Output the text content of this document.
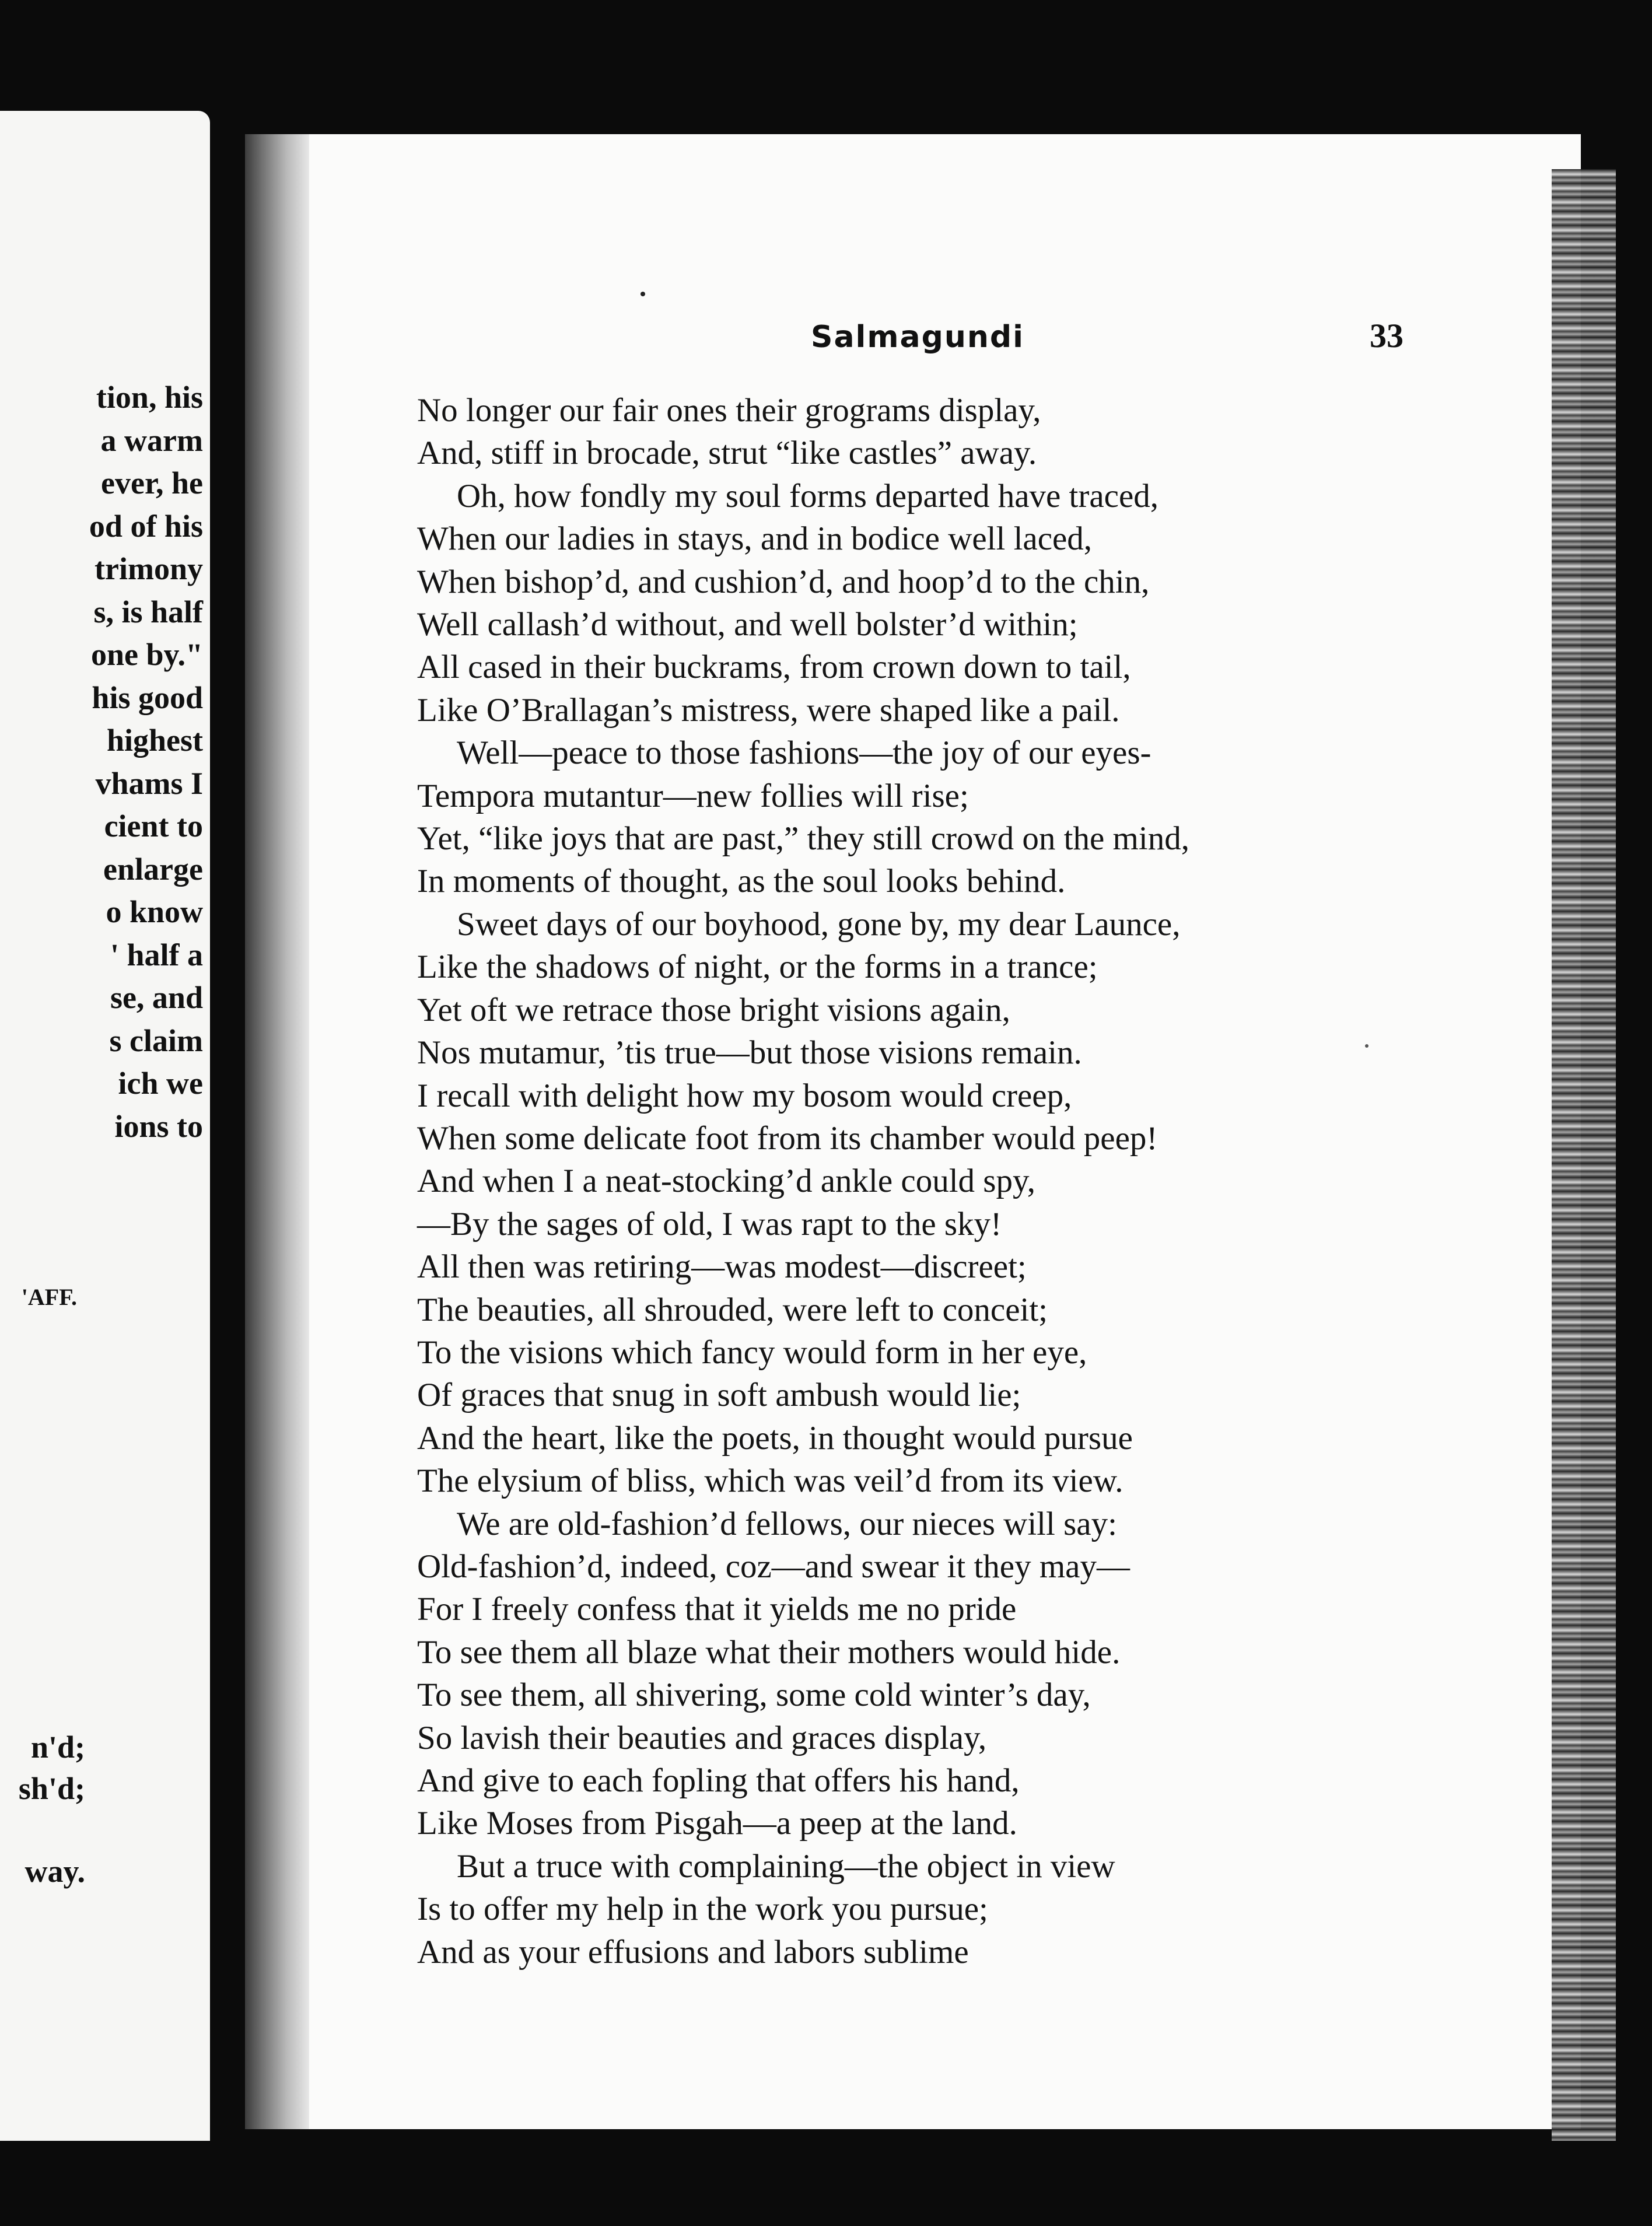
tion, his
a warm
ever, he
od of his
trimony
s, is half
one by."
his good
highest
vhams I
cient to
enlarge
o know
' half a
se, and
s claim
ich we
ions to
'AFF.
n'd;
sh'd;

way.
Salmagundi	33
No longer our fair ones their grograms display,
And, stiff in brocade, strut “like castles” away.
Oh, how fondly my soul forms departed have traced,
When our ladies in stays, and in bodice well laced,
When bishop’d, and cushion’d, and hoop’d to the chin,
Well callash’d without, and well bolster’d within;
All cased in their buckrams, from crown down to tail,
Like O’Brallagan’s mistress, were shaped like a pail.
Well—peace to those fashions—the joy of our eyes-
Tempora mutantur—new follies will rise;
Yet, “like joys that are past,” they still crowd on the mind,
In moments of thought, as the soul looks behind.
Sweet days of our boyhood, gone by, my dear Launce,
Like the shadows of night, or the forms in a trance;
Yet oft we retrace those bright visions again,
Nos mutamur, ’tis true—but those visions remain.
I recall with delight how my bosom would creep,
When some delicate foot from its chamber would peep!
And when I a neat-stocking’d ankle could spy,
—By the sages of old, I was rapt to the sky!
All then was retiring—was modest—discreet;
The beauties, all shrouded, were left to conceit;
To the visions which fancy would form in her eye,
Of graces that snug in soft ambush would lie;
And the heart, like the poets, in thought would pursue
The elysium of bliss, which was veil’d from its view.
We are old-fashion’d fellows, our nieces will say:
Old-fashion’d, indeed, coz—and swear it they may—
For I freely confess that it yields me no pride
To see them all blaze what their mothers would hide.
To see them, all shivering, some cold winter’s day,
So lavish their beauties and graces display,
And give to each fopling that offers his hand,
Like Moses from Pisgah—a peep at the land.
But a truce with complaining—the object in view
Is to offer my help in the work you pursue;
And as your effusions and labors sublime
